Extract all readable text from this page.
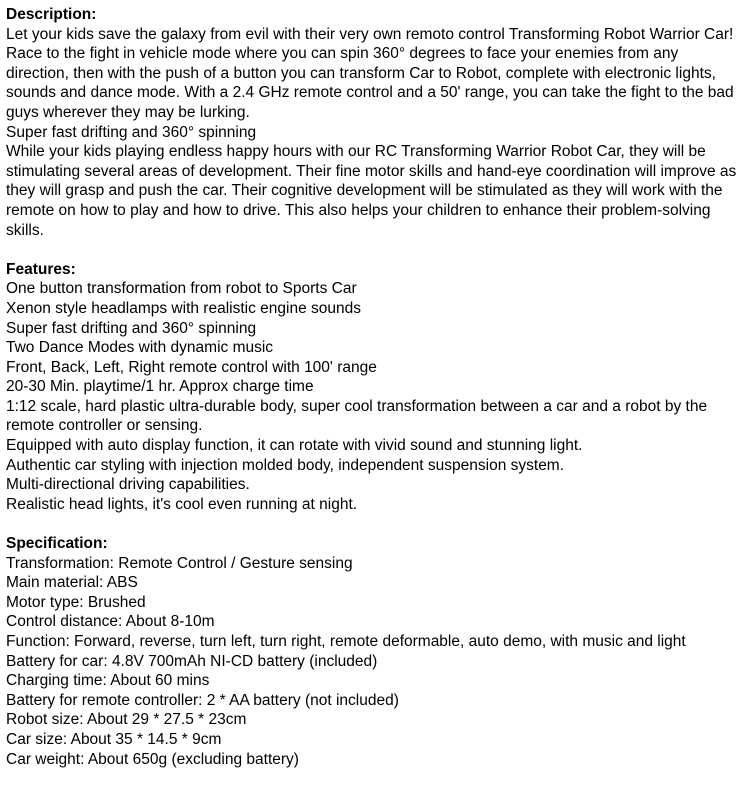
Description:

Let your kids save the galaxy from evil with their very own remoto control Transforming Robot Warrior Car!

Race to the fight in vehicle mode where you can spin 360° degrees to face your enemies from any direction, then with the push of a button you can transform Car to Robot, complete with electronic lights, sounds and dance mode. With a 2.4 GHz remote control and a 50' range, you can take the fight to the bad guys wherever they may be lurking.

Super fast drifting and 360° spinning

While your kids playing endless happy hours with our RC Transforming Warrior Robot Car, they will be stimulating several areas of development. Their fine motor skills and hand-eye coordination will improve as they will grasp and push the car. Their cognitive development will be stimulated as they will work with the remote on how to play and how to drive. This also helps your children to enhance their problem-solving skills.

Features:

One button transformation from robot to Sports Car
Xenon style headlamps with realistic engine sounds
Super fast drifting and 360° spinning
Two Dance Modes with dynamic music
Front, Back, Left, Right remote control with 100' range
20-30 Min. playtime/1 hr. Approx charge time
1:12 scale, hard plastic ultra-durable body, super cool transformation between a car and a robot by the remote controller or sensing.
Equipped with auto display function, it can rotate with vivid sound and stunning light.
Authentic car styling with injection molded body, independent suspension system.
Multi-directional driving capabilities.
Realistic head lights, it's cool even running at night.

Specification:

Transformation: Remote Control / Gesture sensing
Main material: ABS
Motor type: Brushed
Control distance: About 8-10m
Function: Forward, reverse, turn left, turn right, remote deformable, auto demo, with music and light
Battery for car: 4.8V 700mAh NI-CD battery (included)
Charging time: About 60 mins
Battery for remote controller: 2 * AA battery (not included)
Robot size: About 29 * 27.5 * 23cm
Car size: About 35 * 14.5 * 9cm
Car weight: About 650g (excluding battery)
